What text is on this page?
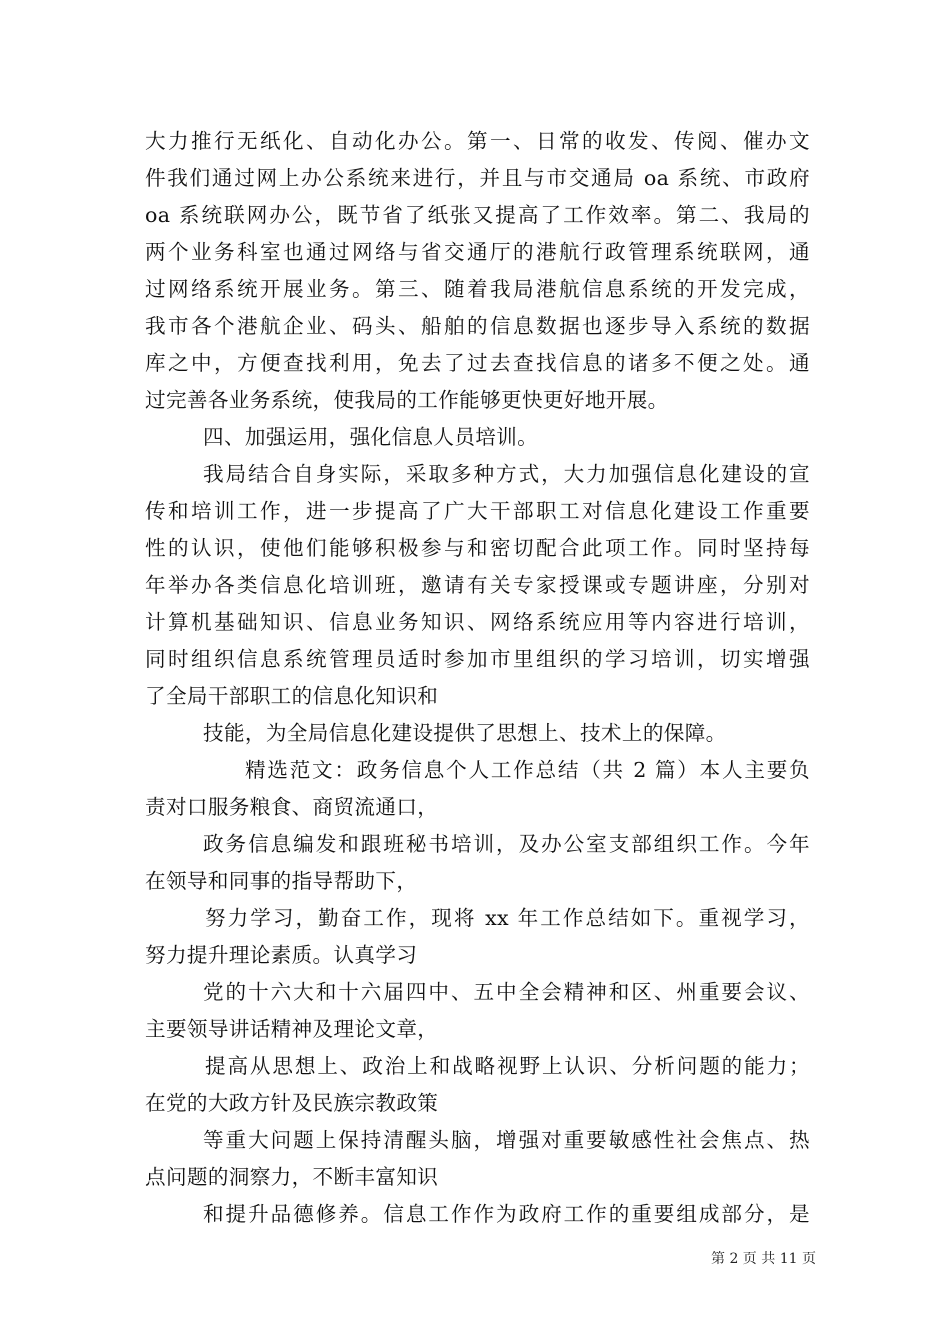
大力推行无纸化、自动化办公。第一、日常的收发、传阅、催办文
件我们通过网上办公系统来进行，并且与市交通局 oa 系统、市政府
oa 系统联网办公，既节省了纸张又提高了工作效率。第二、我局的
两个业务科室也通过网络与省交通厅的港航行政管理系统联网，通
过网络系统开展业务。第三、随着我局港航信息系统的开发完成，
我市各个港航企业、码头、船舶的信息数据也逐步导入系统的数据
库之中，方便查找利用，免去了过去查找信息的诸多不便之处。通
过完善各业务系统，使我局的工作能够更快更好地开展。
四、加强运用，强化信息人员培训。
我局结合自身实际，采取多种方式，大力加强信息化建设的宣
传和培训工作，进一步提高了广大干部职工对信息化建设工作重要
性的认识，使他们能够积极参与和密切配合此项工作。同时坚持每
年举办各类信息化培训班，邀请有关专家授课或专题讲座，分别对
计算机基础知识、信息业务知识、网络系统应用等内容进行培训，
同时组织信息系统管理员适时参加市里组织的学习培训，切实增强
了全局干部职工的信息化知识和
技能，为全局信息化建设提供了思想上、技术上的保障。
精选范文：政务信息个人工作总结（共 2 篇）本人主要负
责对口服务粮食、商贸流通口，
政务信息编发和跟班秘书培训，及办公室支部组织工作。今年
在领导和同事的指导帮助下，
努力学习，勤奋工作，现将 xx 年工作总结如下。重视学习，
努力提升理论素质。认真学习
党的十六大和十六届四中、五中全会精神和区、州重要会议、
主要领导讲话精神及理论文章，
提高从思想上、政治上和战略视野上认识、分析问题的能力；
在党的大政方针及民族宗教政策
等重大问题上保持清醒头脑，增强对重要敏感性社会焦点、热
点问题的洞察力，不断丰富知识
和提升品德修养。信息工作作为政府工作的重要组成部分，是
第 2 页 共 11 页
